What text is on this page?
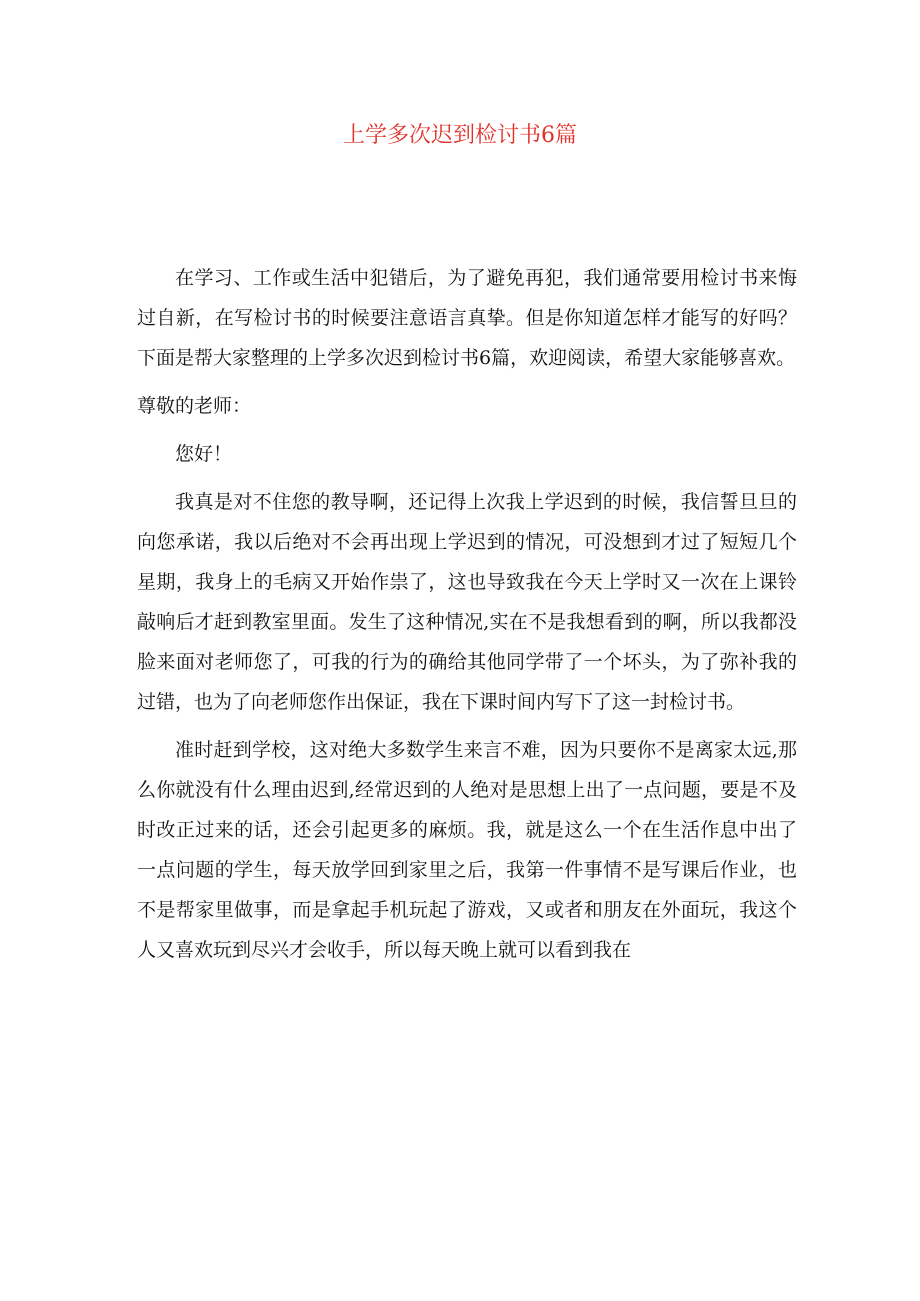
上学多次迟到检讨书6篇

在学习、工作或生活中犯错后，为了避免再犯，我们通常要用检讨书来悔过自新，在写检讨书的时候要注意语言真挚。但是你知道怎样才能写的好吗？下面是帮大家整理的上学多次迟到检讨书6篇，欢迎阅读，希望大家能够喜欢。

尊敬的老师：

您好！

我真是对不住您的教导啊，还记得上次我上学迟到的时候，我信誓旦旦的向您承诺，我以后绝对不会再出现上学迟到的情况，可没想到才过了短短几个星期，我身上的毛病又开始作祟了，这也导致我在今天上学时又一次在上课铃敲响后才赶到教室里面。发生了这种情况,实在不是我想看到的啊，所以我都没脸来面对老师您了，可我的行为的确给其他同学带了一个坏头，为了弥补我的过错，也为了向老师您作出保证，我在下课时间内写下了这一封检讨书。

准时赶到学校，这对绝大多数学生来言不难，因为只要你不是离家太远,那么你就没有什么理由迟到,经常迟到的人绝对是思想上出了一点问题，要是不及时改正过来的话，还会引起更多的麻烦。我，就是这么一个在生活作息中出了一点问题的学生，每天放学回到家里之后，我第一件事情不是写课后作业，也不是帮家里做事，而是拿起手机玩起了游戏，又或者和朋友在外面玩，我这个人又喜欢玩到尽兴才会收手，所以每天晚上就可以看到我在
